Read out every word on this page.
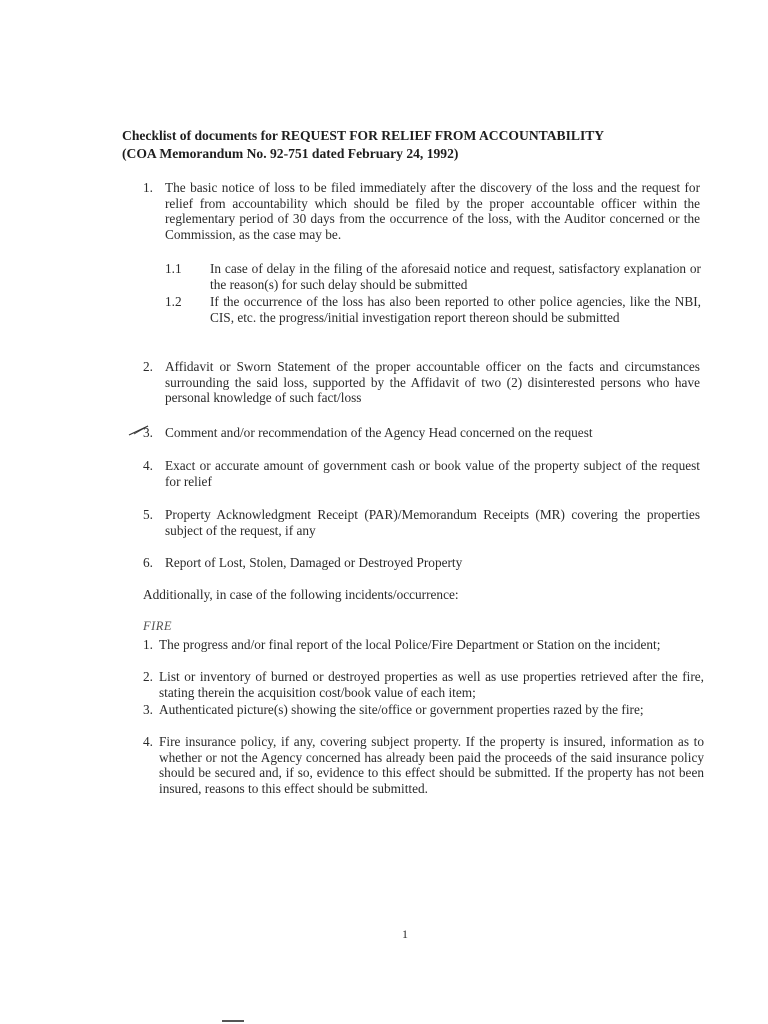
Checklist of documents for REQUEST FOR RELIEF FROM ACCOUNTABILITY
(COA Memorandum No. 92-751 dated February 24, 1992)
1. The basic notice of loss to be filed immediately after the discovery of the loss and the request for relief from accountability which should be filed by the proper accountable officer within the reglementary period of 30 days from the occurrence of the loss, with the Auditor concerned or the Commission, as the case may be.
1.1 In case of delay in the filing of the aforesaid notice and request, satisfactory explanation or the reason(s) for such delay should be submitted
1.2 If the occurrence of the loss has also been reported to other police agencies, like the NBI, CIS, etc. the progress/initial investigation report thereon should be submitted
2. Affidavit or Sworn Statement of the proper accountable officer on the facts and circumstances surrounding the said loss, supported by the Affidavit of two (2) disinterested persons who have personal knowledge of such fact/loss
3. Comment and/or recommendation of the Agency Head concerned on the request
4. Exact or accurate amount of government cash or book value of the property subject of the request for relief
5. Property Acknowledgment Receipt (PAR)/Memorandum Receipts (MR) covering the properties subject of the request, if any
6. Report of Lost, Stolen, Damaged or Destroyed Property
Additionally, in case of the following incidents/occurrence:
FIRE
1. The progress and/or final report of the local Police/Fire Department or Station on the incident;
2. List or inventory of burned or destroyed properties as well as use properties retrieved after the fire, stating therein the acquisition cost/book value of each item;
3. Authenticated picture(s) showing the site/office or government properties razed by the fire;
4. Fire insurance policy, if any, covering subject property. If the property is insured, information as to whether or not the Agency concerned has already been paid the proceeds of the said insurance policy should be secured and, if so, evidence to this effect should be submitted. If the property has not been insured, reasons to this effect should be submitted.
1
